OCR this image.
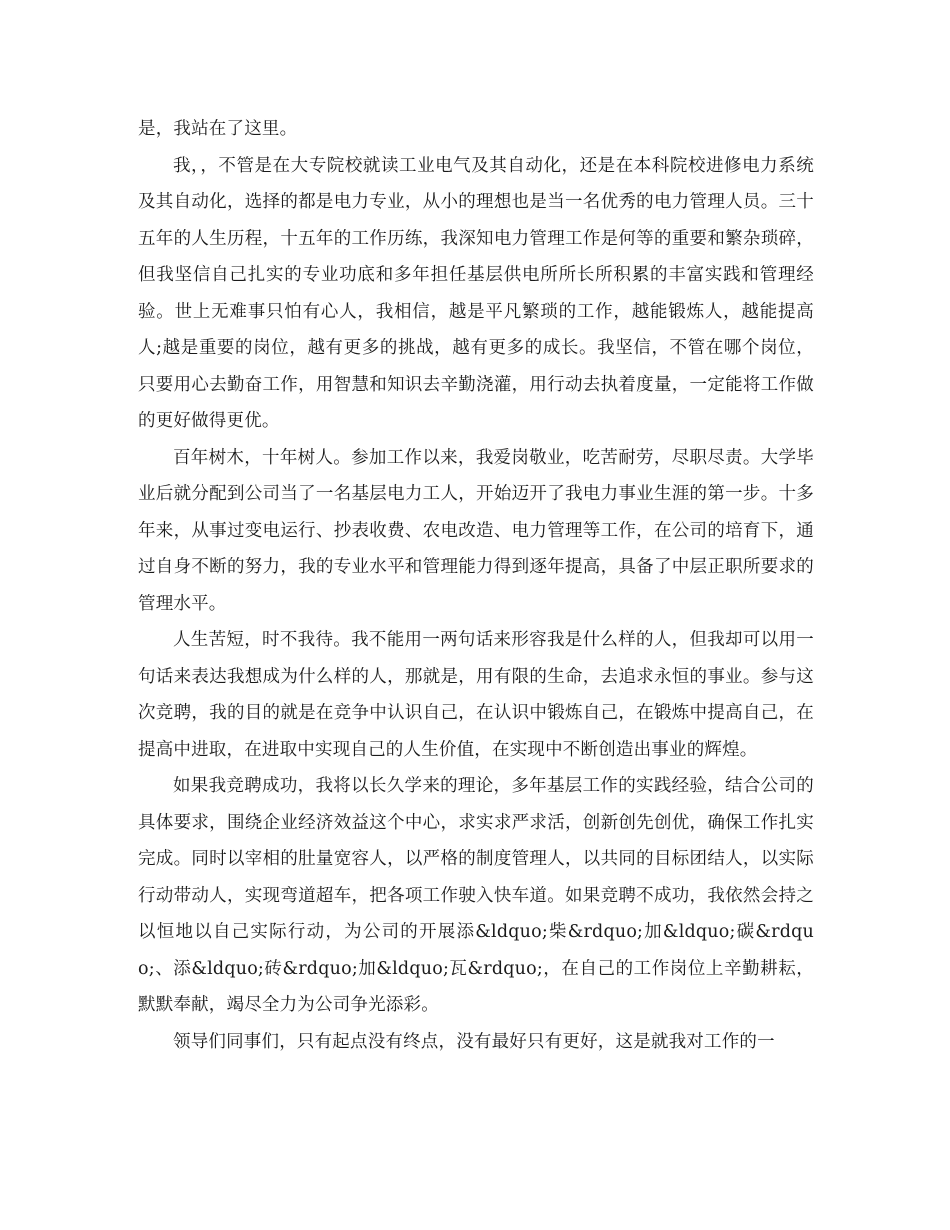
是，我站在了这里。

我，，不管是在大专院校就读工业电气及其自动化，还是在本科院校进修电力系统及其自动化，选择的都是电力专业，从小的理想也是当一名优秀的电力管理人员。三十五年的人生历程，十五年的工作历练，我深知电力管理工作是何等的重要和繁杂琐碎，但我坚信自己扎实的专业功底和多年担任基层供电所所长所积累的丰富实践和管理经验。世上无难事只怕有心人，我相信，越是平凡繁琐的工作，越能锻炼人，越能提高人;越是重要的岗位，越有更多的挑战，越有更多的成长。我坚信，不管在哪个岗位，只要用心去勤奋工作，用智慧和知识去辛勤浇灌，用行动去执着度量，一定能将工作做的更好做得更优。

百年树木，十年树人。参加工作以来，我爱岗敬业，吃苦耐劳，尽职尽责。大学毕业后就分配到公司当了一名基层电力工人，开始迈开了我电力事业生涯的第一步。十多年来，从事过变电运行、抄表收费、农电改造、电力管理等工作，在公司的培育下，通过自身不断的努力，我的专业水平和管理能力得到逐年提高，具备了中层正职所要求的管理水平。

人生苦短，时不我待。我不能用一两句话来形容我是什么样的人，但我却可以用一句话来表达我想成为什么样的人，那就是，用有限的生命，去追求永恒的事业。参与这次竞聘，我的目的就是在竞争中认识自己，在认识中锻炼自己，在锻炼中提高自己，在提高中进取，在进取中实现自己的人生价值，在实现中不断创造出事业的辉煌。

如果我竞聘成功，我将以长久学来的理论，多年基层工作的实践经验，结合公司的具体要求，围绕企业经济效益这个中心，求实求严求活，创新创先创优，确保工作扎实完成。同时以宰相的肚量宽容人，以严格的制度管理人，以共同的目标团结人，以实际行动带动人，实现弯道超车，把各项工作驶入快车道。如果竞聘不成功，我依然会持之以恒地以自己实际行动，为公司的开展添&ldquo;柴&rdquo;加&ldquo;碳&rdquo;、添&ldquo;砖&rdquo;加&ldquo;瓦&rdquo;，在自己的工作岗位上辛勤耕耘，默默奉献，竭尽全力为公司争光添彩。

领导们同事们，只有起点没有终点，没有最好只有更好，这是就我对工作的一
